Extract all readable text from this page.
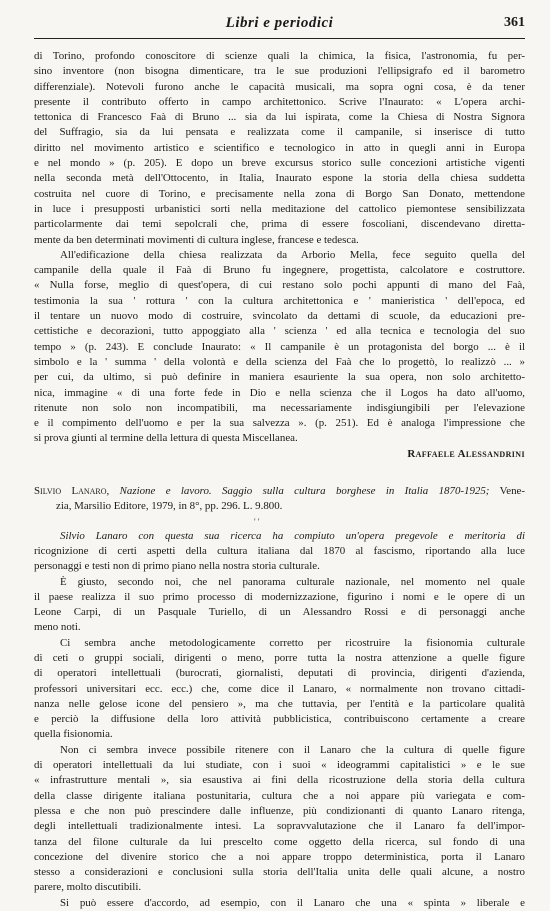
Libri e periodici	361
di Torino, profondo conoscitore di scienze quali la chimica, la fisica, l'astronomia, fu per-
sino inventore (non bisogna dimenticare, tra le sue produzioni l'ellipsigrafo ed il barometro
differenziale). Notevoli furono anche le capacità musicali, ma sopra ogni cosa, è da tener
presente il contributo offerto in campo architettonico. Scrive l'Inaurato: « L'opera archi-
tettonica di Francesco Faà di Bruno ... sia da lui ispirata, come la Chiesa di Nostra Signora
del Suffragio, sia da lui pensata e realizzata come il campanile, si inserisce di tutto
diritto nel movimento artistico e scientifico e tecnologico in atto in quegli anni in Europa
e nel mondo » (p. 205). E dopo un breve excursus storico sulle concezioni artistiche vigenti
nella seconda metà dell'Ottocento, in Italia, Inaurato espone la storia della chiesa suddetta
costruita nel cuore di Torino, e precisamente nella zona di Borgo San Donato, mettendone
in luce i presupposti urbanistici sorti nella meditazione del cattolico piemontese sensibilizzata
particolarmente dai temi sepolcrali che, prima di essere foscoliani, discendevano diretta-
mente da ben determinati movimenti di cultura inglese, francese e tedesca.
All'edificazione della chiesa realizzata da Arborio Mella, fece seguito quella del
campanile della quale il Faà di Bruno fu ingegnere, progettista, calcolatore e costruttore.
« Nulla forse, meglio di quest'opera, di cui restano solo pochi appunti di mano del Faà,
testimonia la sua ' rottura ' con la cultura architettonica e ' manieristica ' dell'epoca, ed
il tentare un nuovo modo di costruire, svincolato da dettami di scuole, da educazioni pre-
cettistiche e decorazioni, tutto appoggiato alla ' scienza ' ed alla tecnica e tecnologia del suo
tempo » (p. 243). E conclude Inaurato: « Il campanile è un protagonista del borgo ... è il
simbolo e la ' summa ' della volontà e della scienza del Faà che lo progettò, lo realizzò ... »
per cui, da ultimo, si può definire in maniera esauriente la sua opera, non solo architetto-
nica, immagine « di una forte fede in Dio e nella scienza che il Logos ha dato all'uomo,
ritenute non solo non incompatibili, ma necessariamente indisgiungibili per l'elevazione
e il compimento dell'uomo e per la sua salvezza ». (p. 251). Ed è analoga l'impressione che
si prova giunti al termine della lettura di questa Miscellanea.
Raffaele Alessandrini
Silvio Lanaro, Nazione e lavoro. Saggio sulla cultura borghese in Italia 1870-1925; Vene-
zia, Marsilio Editore, 1979, in 8°, pp. 296. L. 9.800.
' '
Silvio Lanaro con questa sua ricerca ha compiuto un'opera pregevole e meritoria di
ricognizione di certi aspetti della cultura italiana dal 1870 al fascismo, riportando alla luce
personaggi e testi non di primo piano nella nostra storia culturale.
È giusto, secondo noi, che nel panorama culturale nazionale, nel momento nel quale
il paese realizza il suo primo processo di modernizzazione, figurino i nomi e le opere di un
Leone Carpi, di un Pasquale Turiello, di un Alessandro Rossi e di personaggi anche
meno noti.
Ci sembra anche metodologicamente corretto per ricostruire la fisionomia culturale
di ceti o gruppi sociali, dirigenti o meno, porre tutta la nostra attenzione a quelle figure
di operatori intellettuali (burocrati, giornalisti, deputati di provincia, dirigenti d'azienda,
professori universitari ecc. ecc.) che, come dice il Lanaro, « normalmente non trovano cittadi-
nanza nelle gelose icone del pensiero », ma che tuttavia, per l'entità e la particolare qualità
e perciò la diffusione della loro attività pubblicistica, contribuiscono certamente a creare
quella fisionomia.
Non ci sembra invece possibile ritenere con il Lanaro che la cultura di quelle figure
di operatori intellettuali da lui studiate, con i suoi « ideogrammi capitalistici » e le sue
« infrastrutture mentali », sia esaustiva ai fini della ricostruzione della storia della cultura
della classe dirigente italiana postunitaria, cultura che a noi appare più variegata e com-
plessa e che non può prescindere dalle influenze, più condizionanti di quanto Lanaro ritenga,
degli intellettuali tradizionalmente intesi. La sopravvalutazione che il Lanaro fa dell'impor-
tanza del filone culturale da lui prescelto come oggetto della ricerca, sul fondo di una
concezione del divenire storico che a noi appare troppo deterministica, porta il Lanaro
stesso a considerazioni e conclusioni sulla storia dell'Italia unita delle quali alcune, a nostro
parere, molto discutibili.
Si può essere d'accordo, ad esempio, con il Lanaro che una « spinta » liberale e
